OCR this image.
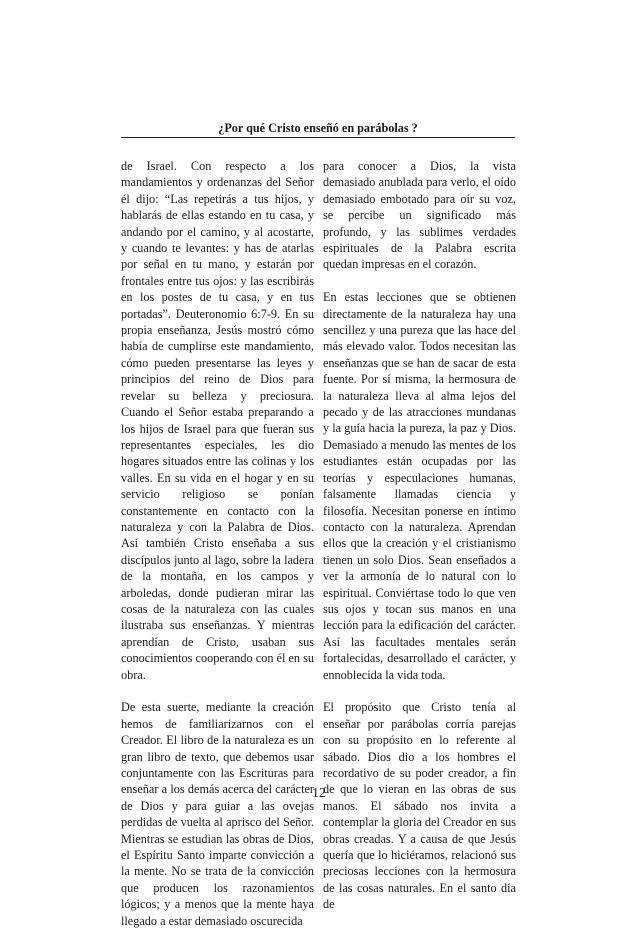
¿Por qué Cristo enseñó en parábolas ?

de Israel. Con respecto a los mandamientos y ordenanzas del Señor él dijo: “Las repetirás a tus hijos, y hablarás de ellas estando en tu casa, y andando por el camino, y al acostarte, y cuando te levantes: y has de atarlas por señal en tu mano, y estarán por frontales entre tus ojos: y las escribirás en los postes de tu casa, y en tus portadas”. Deuteronomio 6:7-9. En su propia enseñanza, Jesús mostró cómo había de cumplirse este mandamiento, cómo pueden presentarse las leyes y principios del reino de Dios para revelar su belleza y preciosura. Cuando el Señor estaba preparando a los hijos de Israel para que fueran sus representantes especiales, les dio hogares situados entre las colinas y los valles. En su vida en el hogar y en su servicio religioso se ponían constantemente en contacto con la naturaleza y con la Palabra de Dios. Así también Cristo enseñaba a sus discípulos junto al lago, sobre la ladera de la montaña, en los campos y arboledas, donde pudieran mirar las cosas de la naturaleza con las cuales ilustraba sus enseñanzas. Y mientras aprendían de Cristo, usaban sus conocimientos cooperando con él en su obra.

De esta suerte, mediante la creación hemos de familiarizarnos con el Creador. El libro de la naturaleza es un gran libro de texto, que debemos usar conjuntamente con las Escrituras para enseñar a los demás acerca del carácter de Dios y para guiar a las ovejas perdidas de vuelta al aprisco del Señor. Mientras se estudian las obras de Dios, el Espíritu Santo imparte convicción a la mente. No se trata de la convicción que producen los razonamientos lógicos; y a menos que la mente haya llegado a estar demasiado oscurecida

para conocer a Dios, la vista demasiado anublada para verlo, el oído demasiado embotado para oír su voz, se percibe un significado más profundo, y las sublimes verdades espirituales de la Palabra escrita quedan impresas en el corazón.

En estas lecciones que se obtienen directamente de la naturaleza hay una sencillez y una pureza que las hace del más elevado valor. Todos necesitan las enseñanzas que se han de sacar de esta fuente. Por sí misma, la hermosura de la naturaleza lleva al alma lejos del pecado y de las atracciones mundanas y la guía hacia la pureza, la paz y Dios. Demasiado a menudo las mentes de los estudiantes están ocupadas por las teorías y especulaciones humanas, falsamente llamadas ciencia y filosofía. Necesitan ponerse en íntimo contacto con la naturaleza. Aprendan ellos que la creación y el cristianismo tienen un solo Dios. Sean enseñados a ver la armonía de lo natural con lo espiritual. Conviértase todo lo que ven sus ojos y tocan sus manos en una lección para la edificación del carácter. Así las facultades mentales serán fortalecidas, desarrollado el carácter, y ennoblecida la vida toda.

El propósito que Cristo tenía al enseñar por parábolas corría parejas con su propósito en lo referente al sábado. Dios dio a los hombres el recordativo de su poder creador, a fin de que lo vieran en las obras de sus manos. El sábado nos invita a contemplar la gloria del Creador en sus obras creadas. Y a causa de que Jesús quería que lo hiciéramos, relacionó sus preciosas lecciones con la hermosura de las cosas naturales. En el santo día de

12
